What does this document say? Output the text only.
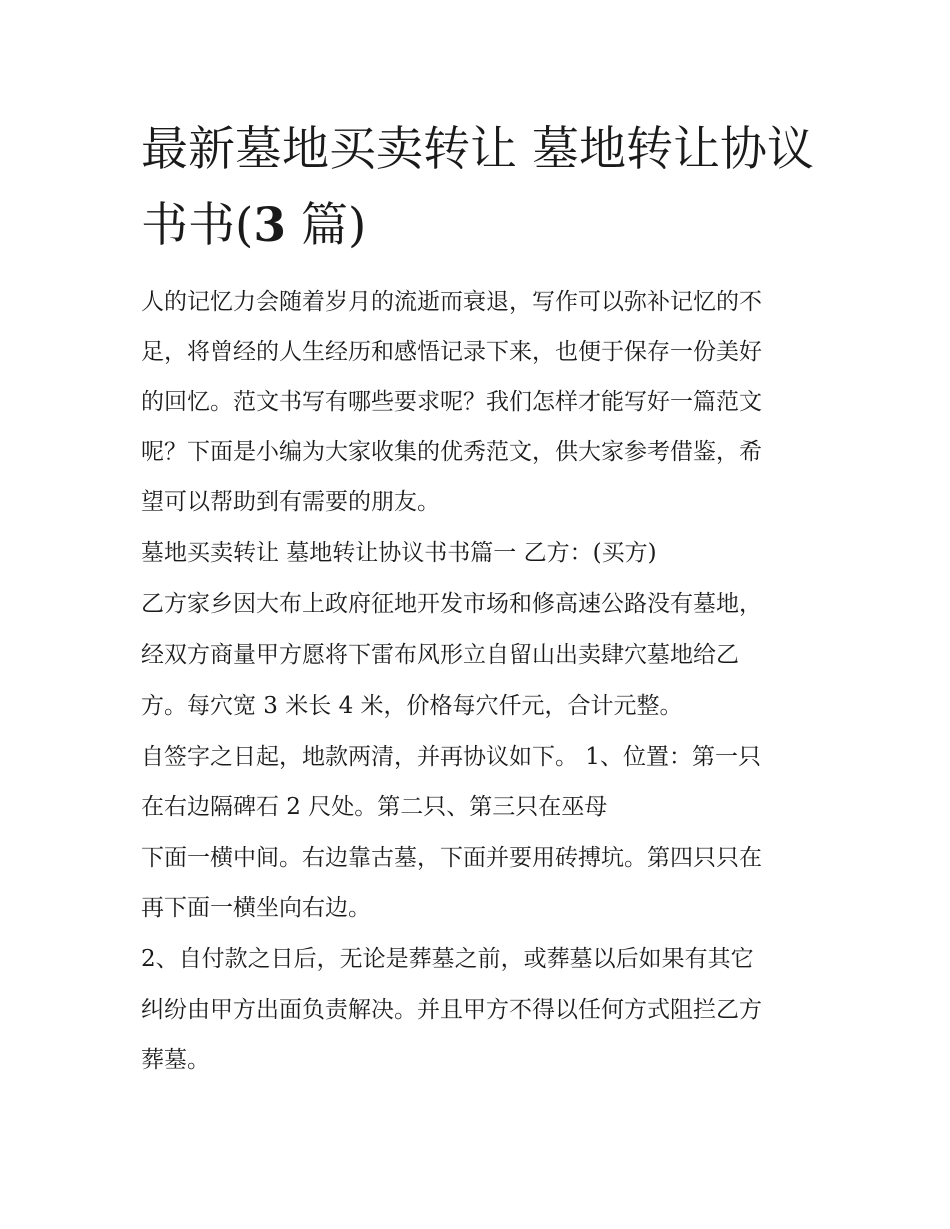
最新墓地买卖转让 墓地转让协议书书(3 篇)

人的记忆力会随着岁月的流逝而衰退，写作可以弥补记忆的不

足，将曾经的人生经历和感悟记录下来，也便于保存一份美好

的回忆。范文书写有哪些要求呢？我们怎样才能写好一篇范文

呢？下面是小编为大家收集的优秀范文，供大家参考借鉴，希

望可以帮助到有需要的朋友。

墓地买卖转让 墓地转让协议书书篇一 乙方：(买方)

乙方家乡因大布上政府征地开发市场和修高速公路没有墓地，

经双方商量甲方愿将下雷布风形立自留山出卖肆穴墓地给乙

方。每穴宽 3 米长 4 米，价格每穴仟元，合计元整。

自签字之日起，地款两清，并再协议如下。 1、位置：第一只

在右边隔碑石 2 尺处。第二只、第三只在巫母

下面一横中间。右边靠古墓，下面并要用砖搏坑。第四只只在

再下面一横坐向右边。

2、自付款之日后，无论是葬墓之前，或葬墓以后如果有其它

纠纷由甲方出面负责解决。并且甲方不得以任何方式阻拦乙方

葬墓。
